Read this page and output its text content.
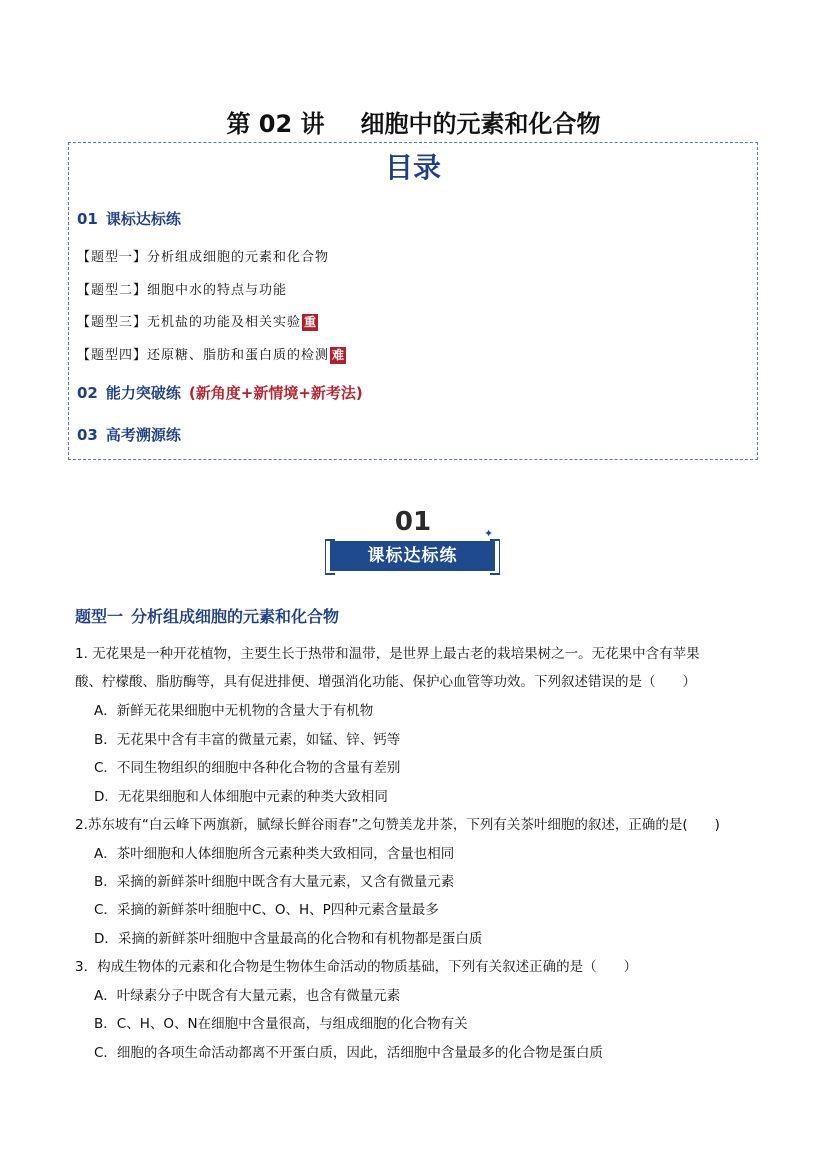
第 02 讲 细胞中的元素和化合物
目录
01 课标达标练
【题型一】分析组成细胞的元素和化合物
【题型二】细胞中水的特点与功能
【题型三】无机盐的功能及相关实验 重
【题型四】还原糖、脂肪和蛋白质的检测 难
02 能力突破练 (新角度+新情境+新考法)
03 高考溯源练
01
课标达标练
✦
题型一 分析组成细胞的元素和化合物
1. 无花果是一种开花植物，主要生长于热带和温带，是世界上最古老的栽培果树之一。无花果中含有苹果
酸、柠檬酸、脂肪酶等，具有促进排便、增强消化功能、保护心血管等功效。下列叙述错误的是（　　）
A．新鲜无花果细胞中无机物的含量大于有机物
B．无花果中含有丰富的微量元素，如锰、锌、钙等
C．不同生物组织的细胞中各种化合物的含量有差别
D．无花果细胞和人体细胞中元素的种类大致相同
2.苏东坡有“白云峰下两旗新，腻绿长鲜谷雨春”之句赞美龙井茶，下列有关茶叶细胞的叙述，正确的是(　　)
A．茶叶细胞和人体细胞所含元素种类大致相同，含量也相同
B．采摘的新鲜茶叶细胞中既含有大量元素，又含有微量元素
C．采摘的新鲜茶叶细胞中C、O、H、P四种元素含量最多
D．采摘的新鲜茶叶细胞中含量最高的化合物和有机物都是蛋白质
3．构成生物体的元素和化合物是生物体生命活动的物质基础，下列有关叙述正确的是（　　）
A．叶绿素分子中既含有大量元素，也含有微量元素
B．C、H、O、N在细胞中含量很高，与组成细胞的化合物有关
C．细胞的各项生命活动都离不开蛋白质，因此，活细胞中含量最多的化合物是蛋白质
